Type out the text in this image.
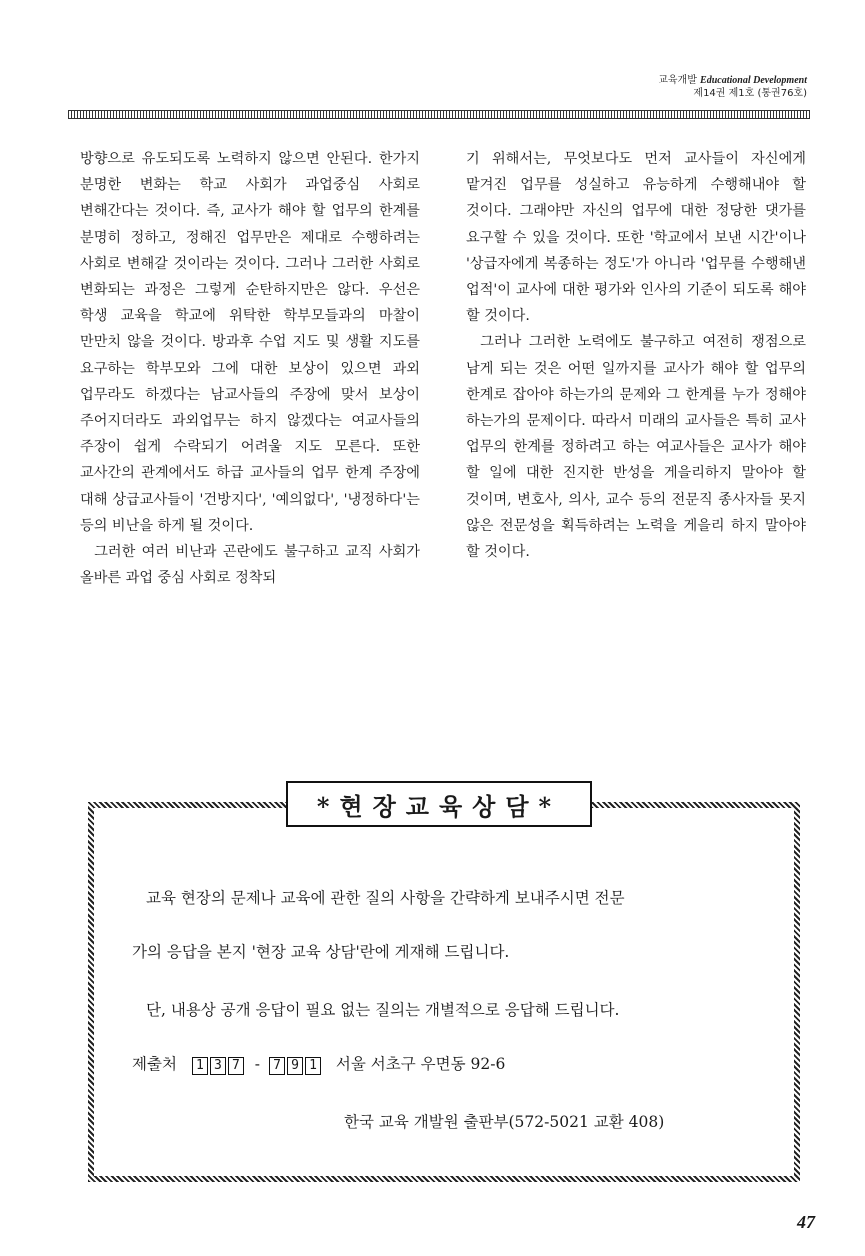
교육개발 Educational Development
제14권 제1호 (통권76호)

방향으로 유도되도록 노력하지 않으면 안된다. 한가지 분명한 변화는 학교 사회가 과업중심 사회로 변해간다는 것이다. 즉, 교사가 해야 할 업무의 한계를 분명히 정하고, 정해진 업무만은 제대로 수행하려는 사회로 변해갈 것이라는 것이다. 그러나 그러한 사회로 변화되는 과정은 그렇게 순탄하지만은 않다. 우선은 학생 교육을 학교에 위탁한 학부모들과의 마찰이 만만치 않을 것이다. 방과후 수업 지도 및 생활 지도를 요구하는 학부모와 그에 대한 보상이 있으면 과외 업무라도 하겠다는 남교사들의 주장에 맞서 보상이 주어지더라도 과외업무는 하지 않겠다는 여교사들의 주장이 쉽게 수락되기 어려울 지도 모른다. 또한 교사간의 관계에서도 하급 교사들의 업무 한계 주장에 대해 상급교사들이 '건방지다', '예의없다', '냉정하다'는 등의 비난을 하게 될 것이다.

그러한 여러 비난과 곤란에도 불구하고 교직 사회가 올바른 과업 중심 사회로 정착되

기 위해서는, 무엇보다도 먼저 교사들이 자신에게 맡겨진 업무를 성실하고 유능하게 수행해내야 할 것이다. 그래야만 자신의 업무에 대한 정당한 댓가를 요구할 수 있을 것이다. 또한 '학교에서 보낸 시간'이나 '상급자에게 복종하는 정도'가 아니라 '업무를 수행해낸 업적'이 교사에 대한 평가와 인사의 기준이 되도록 해야 할 것이다.

그러나 그러한 노력에도 불구하고 여전히 쟁점으로 남게 되는 것은 어떤 일까지를 교사가 해야 할 업무의 한계로 잡아야 하는가의 문제와 그 한계를 누가 정해야 하는가의 문제이다. 따라서 미래의 교사들은 특히 교사 업무의 한계를 정하려고 하는 여교사들은 교사가 해야 할 일에 대한 진지한 반성을 게을리하지 말아야 할 것이며, 변호사, 의사, 교수 등의 전문직 종사자들 못지 않은 전문성을 획득하려는 노력을 게을리 하지 말아야 할 것이다.

*현장교육상담*
교육 현장의 문제나 교육에 관한 질의 사항을 간략하게 보내주시면 전문
가의 응답을 본지 '현장 교육 상담'란에 게재해 드립니다.
단, 내용상 공개 응답이 필요 없는 질의는 개별적으로 응답해 드립니다.
제출처 1 3 7 - 7 9 1 서울 서초구 우면동 92-6
한국 교육 개발원 출판부(572-5021 교환 408)
47
